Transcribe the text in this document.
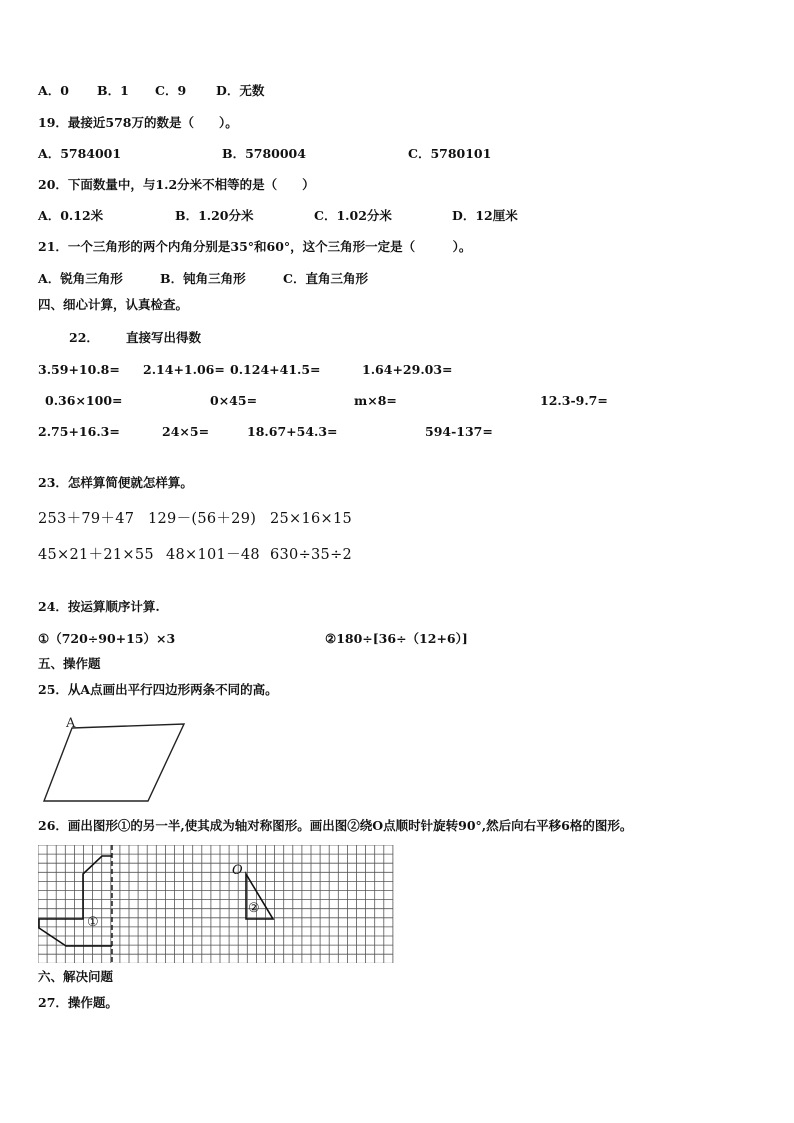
A．0 B．1 C．9 D．无数
19．最接近578万的数是（　　）。
A．5784001	B．5780004	C．5780101
20．下面数量中，与1.2分米不相等的是（　　）
A．0.12米	B．1.20分米	C．1.02分米	D．12厘米
21．一个三角形的两个内角分别是35°和60°，这个三角形一定是（　　　）。
A．锐角三角形	B．钝角三角形	C．直角三角形
四、细心计算，认真检查。
22． 直接写出得数
3.59+10.8= 2.14+1.06= 0.124+41.5=	1.64+29.03=
0.36×100=	0×45=	m×8=	12.3-9.7=
2.75+16.3=	24×5=	18.67+54.3=	594-137=
23．怎样算简便就怎样算。
253＋79＋47 129－(56＋29) 25×16×15
45×21＋21×55 48×101－48 630÷35÷2
24．按运算顺序计算.
①（720÷90+15）×3	②180÷[36÷（12+6）]
五、操作题
25．从A点画出平行四边形两条不同的高。
A
26．画出图形①的另一半,使其成为轴对称图形。画出图②绕O点顺时针旋转90°,然后向右平移6格的图形。
①
②
O
六、解决问题
27．操作题。
